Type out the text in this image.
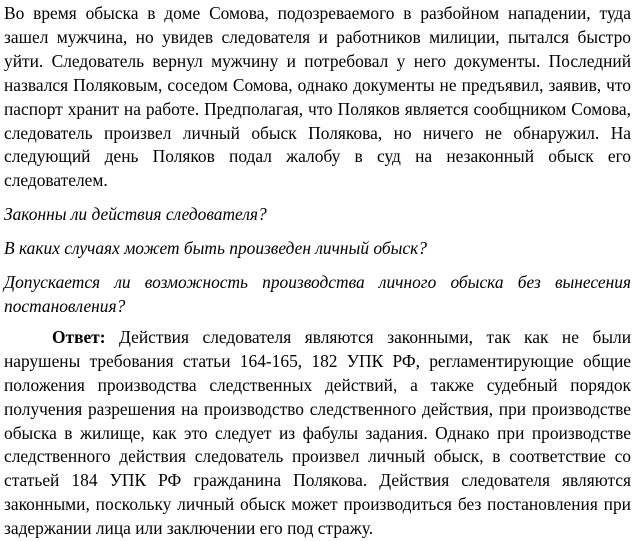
Во время обыска в доме Сомова, подозреваемого в разбойном нападении, туда зашел мужчина, но увидев следователя и работников милиции, пытался быстро уйти. Следователь вернул мужчину и потребовал у него документы. Последний назвался Поляковым, соседом Сомова, однако документы не предъявил, заявив, что паспорт хранит на работе. Предполагая, что Поляков является сообщником Сомова, следователь произвел личный обыск Полякова, но ничего не обнаружил. На следующий день Поляков подал жалобу в суд на незаконный обыск его следователем.

Законны ли действия следователя?

В каких случаях может быть произведен личный обыск?

Допускается ли возможность производства личного обыска без вынесения постановления?

Ответ: Действия следователя являются законными, так как не были нарушены требования статьи 164-165, 182 УПК РФ, регламентирующие общие положения производства следственных действий, а также судебный порядок получения разрешения на производство следственного действия, при производстве обыска в жилище, как это следует из фабулы задания. Однако при производстве следственного действия следователь произвел личный обыск, в соответствие со статьей 184 УПК РФ гражданина Полякова. Действия следователя являются законными, поскольку личный обыск может производиться без постановления при задержании лица или заключении его под стражу.
